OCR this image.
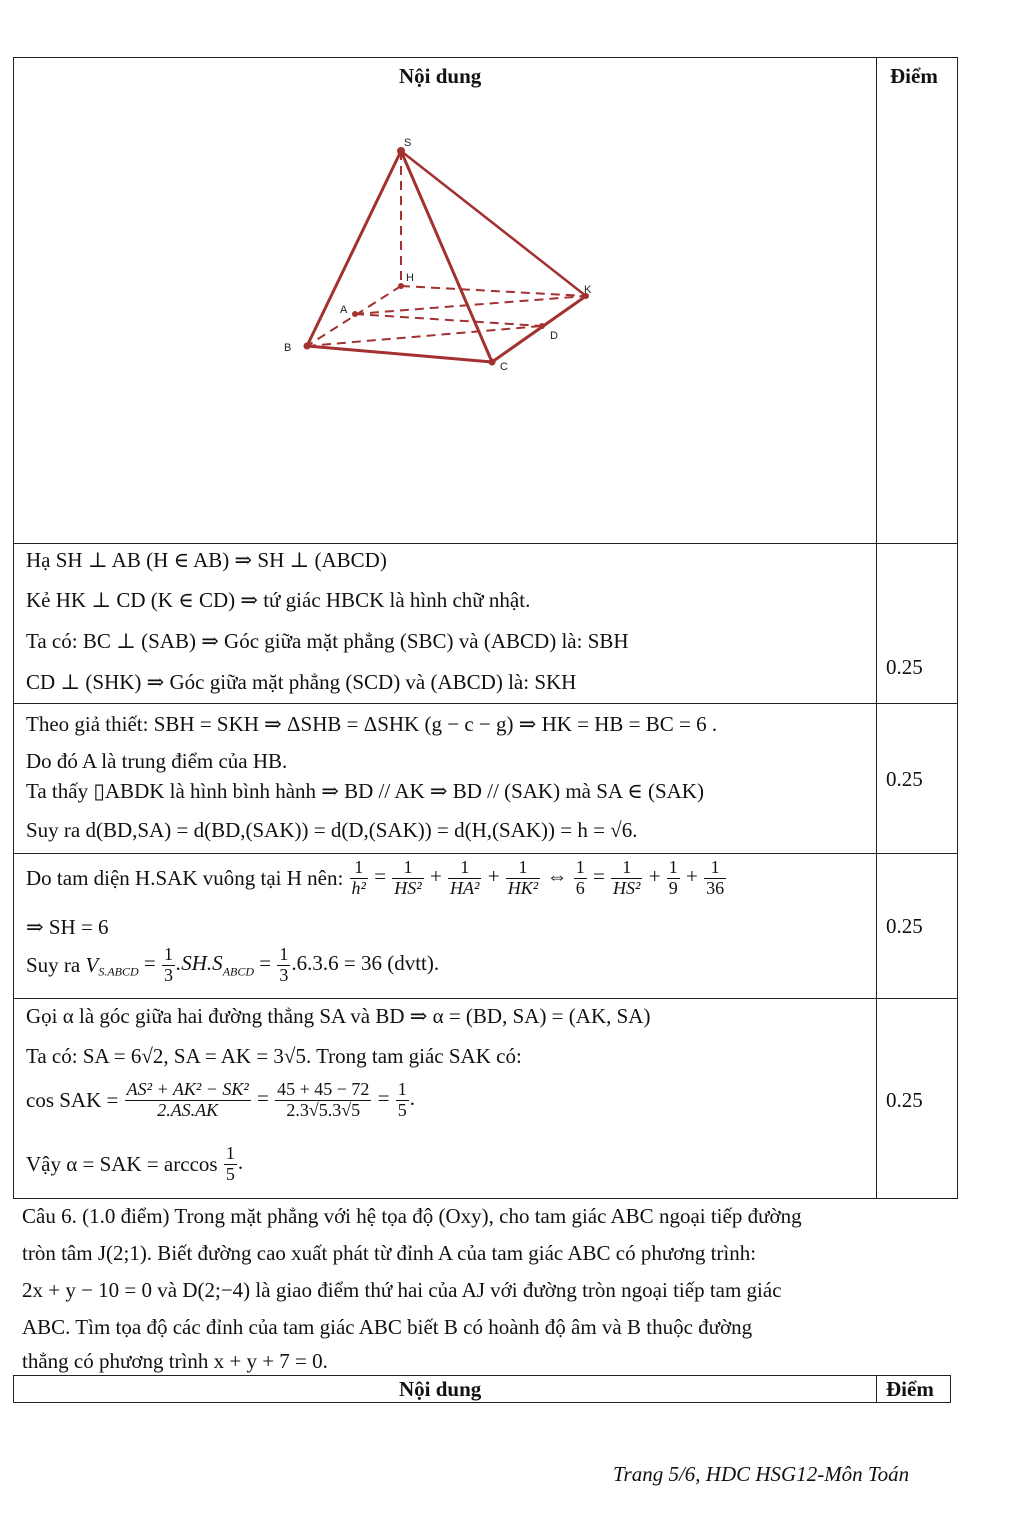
Nội dung	Điểm
S
H
K
A
D
B
C
Hạ SH ⊥ AB (H ∈ AB) ⇒ SH ⊥ (ABCD)
Kẻ HK ⊥ CD (K ∈ CD) ⇒ tứ giác HBCK là hình chữ nhật.
Ta có: BC ⊥ (SAB) ⇒ Góc giữa mặt phẳng (SBC) và (ABCD) là: SBH
CD ⊥ (SHK) ⇒ Góc giữa mặt phẳng (SCD) và (ABCD) là: SKH
0.25
Theo giả thiết: SBH = SKH ⇒ ΔSHB = ΔSHK (g − c − g) ⇒ HK = HB = BC = 6 .
Do đó A là trung điểm của HB.
Ta thấy ▯ABDK là hình bình hành ⇒ BD // AK ⇒ BD // (SAK) mà SA ∈ (SAK)
Suy ra d(BD,SA) = d(BD,(SAK)) = d(D,(SAK)) = d(H,(SAK)) = h = √6.
0.25
Do tam diện H.SAK vuông tại H nên: $\frac{1}{\text{h²}} = \frac{1}{\text{HS²}} + \frac{1}{\text{HA²}} + \frac{1}{\text{HK²}}$ ⇔ $\frac{1}{6} = \frac{1}{\text{HS²}} + \frac{1}{9} + \frac{1}{36}$
⇒ SH = 6
Suy ra $V_{S.ABCD} = \frac{1}{3} .SH.S_{ABCD} = \frac{1}{3} .6.3.6 = 36$ (dvtt).
0.25
Gọi α là góc giữa hai đường thẳng SA và BD ⇒ α = (BD, SA) = (AK, SA)
Ta có: SA = 6√2, SA = AK = 3√5. Trong tam giác SAK có:
cos SAK = $\frac{\text{AS² + AK² − SK²}}{2.AS.AK} = \frac{45 + 45 - 72}{2.3√5.3√5} = \frac{1}{5}$ .
Vậy α = SAK = $\arccos \frac{1}{5}$ .
0.25
Câu 6. (1.0 điểm) Trong mặt phẳng với hệ tọa độ (Oxy), cho tam giác ABC ngoại tiếp đường
tròn tâm J(2;1). Biết đường cao xuất phát từ đỉnh A của tam giác ABC có phương trình:
2x + y − 10 = 0 và D(2;−4) là giao điểm thứ hai của AJ với đường tròn ngoại tiếp tam giác
ABC. Tìm tọa độ các đỉnh của tam giác ABC biết B có hoành độ âm và B thuộc đường
thẳng có phương trình x + y + 7 = 0.
Nội dung	Điểm
Trang 5/6, HDC HSG12-Môn Toán
